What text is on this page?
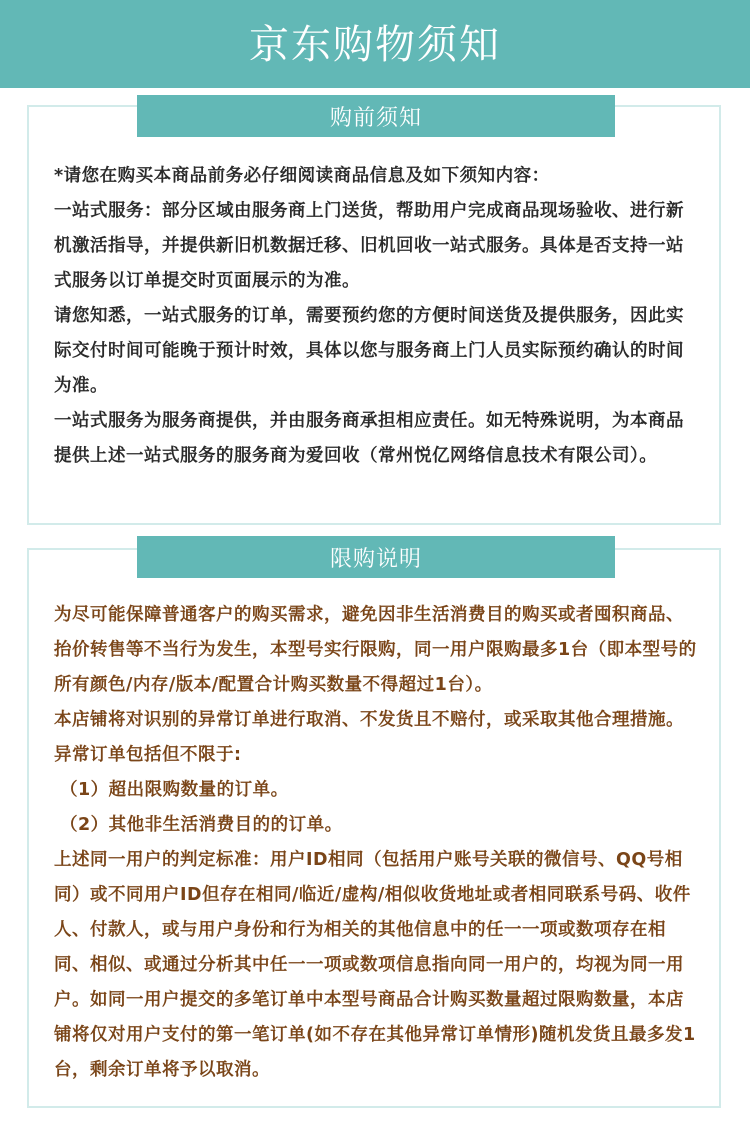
京东购物须知
购前须知

*请您在购买本商品前务必仔细阅读商品信息及如下须知内容：

一站式服务：部分区域由服务商上门送货，帮助用户完成商品现场验收、进行新机激活指导，并提供新旧机数据迁移、旧机回收一站式服务。具体是否支持一站式服务以订单提交时页面展示的为准。

请您知悉，一站式服务的订单，需要预约您的方便时间送货及提供服务，因此实际交付时间可能晚于预计时效，具体以您与服务商上门人员实际预约确认的时间为准。

一站式服务为服务商提供，并由服务商承担相应责任。如无特殊说明，为本商品提供上述一站式服务的服务商为爱回收（常州悦亿网络信息技术有限公司）。

限购说明

为尽可能保障普通客户的购买需求，避免因非生活消费目的购买或者囤积商品、抬价转售等不当行为发生，本型号实行限购，同一用户限购最多1台（即本型号的所有颜色/内存/版本/配置合计购买数量不得超过1台）。

本店铺将对识别的异常订单进行取消、不发货且不赔付，或采取其他合理措施。异常订单包括但不限于:

（1）超出限购数量的订单。

（2）其他非生活消费目的的订单。

上述同一用户的判定标准：用户ID相同（包括用户账号关联的微信号、QQ号相同）或不同用户ID但存在相同/临近/虚构/相似收货地址或者相同联系号码、收件人、付款人，或与用户身份和行为相关的其他信息中的任一一项或数项存在相同、相似、或通过分析其中任一一项或数项信息指向同一用户的，均视为同一用户。如同一用户提交的多笔订单中本型号商品合计购买数量超过限购数量，本店铺将仅对用户支付的第一笔订单(如不存在其他异常订单情形)随机发货且最多发1台，剩余订单将予以取消。
